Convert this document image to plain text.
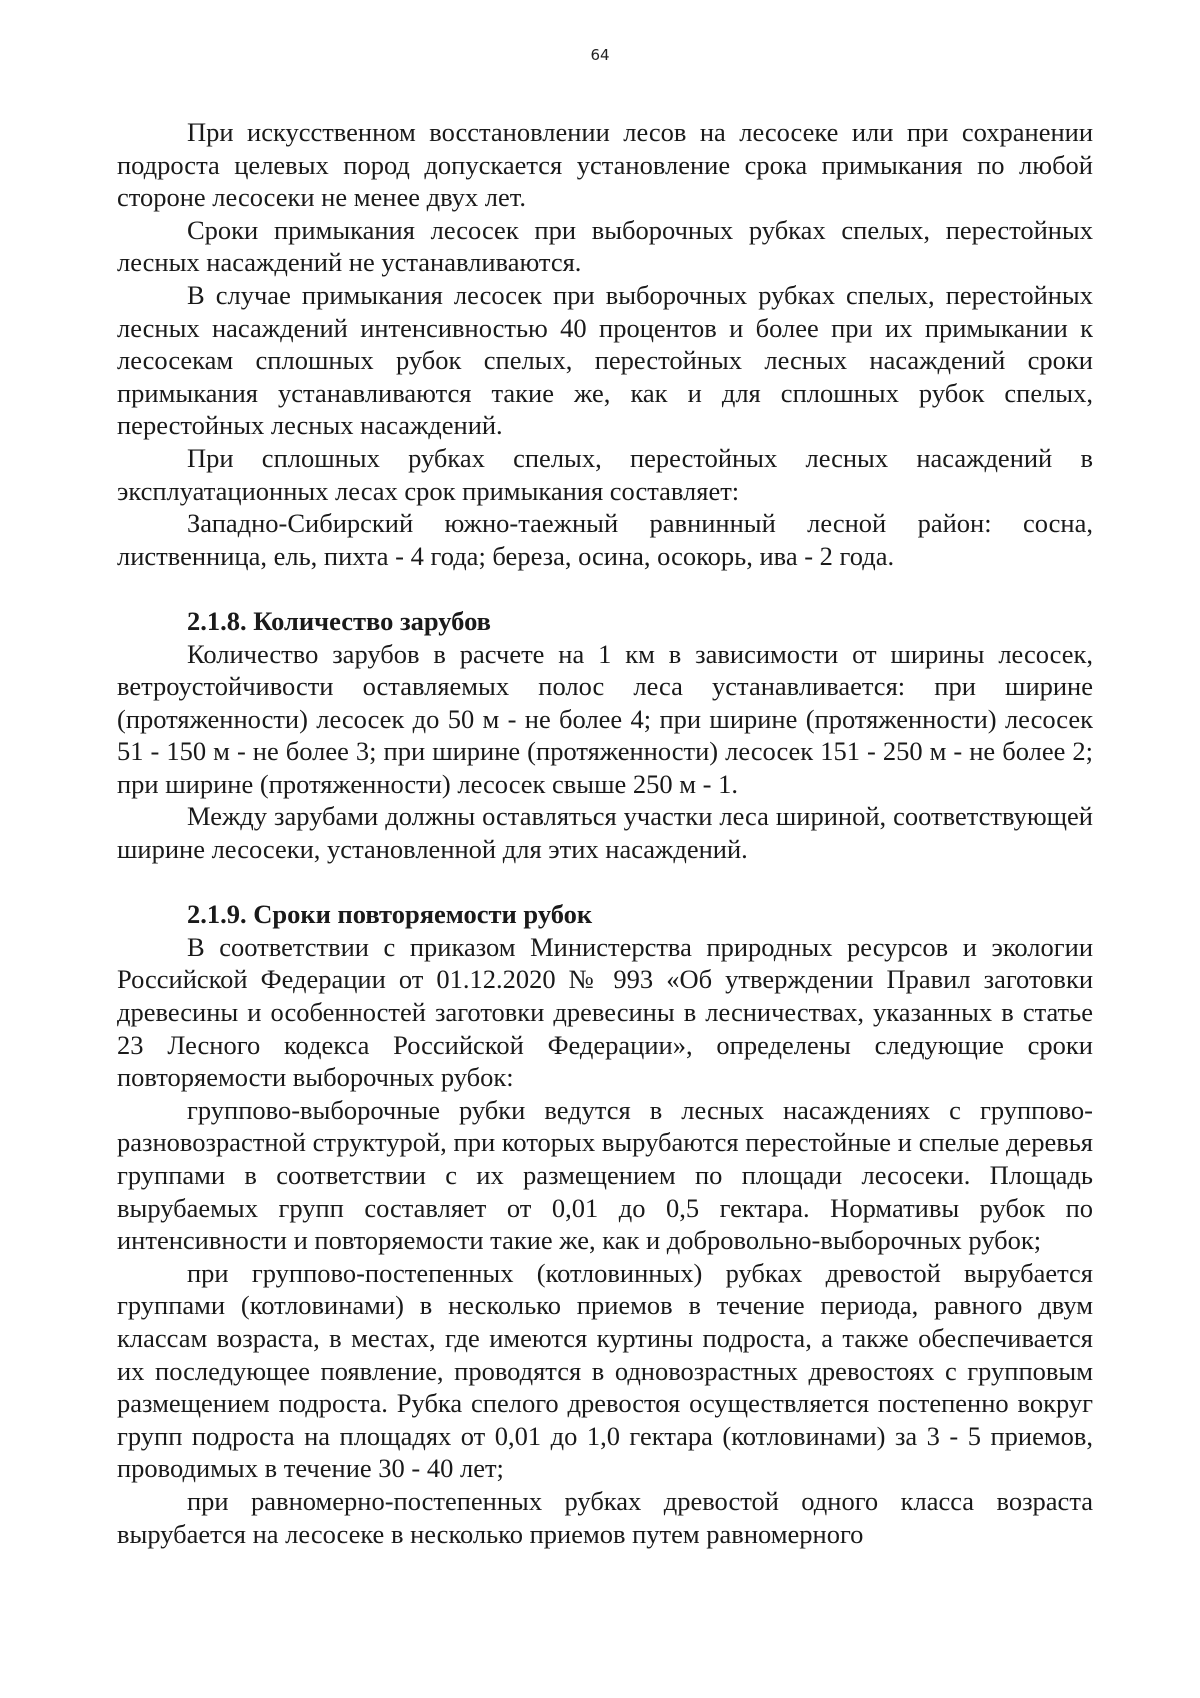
64

При искусственном восстановлении лесов на лесосеке или при сохранении подроста целевых пород допускается установление срока примыкания по любой стороне лесосеки не менее двух лет.

Сроки примыкания лесосек при выборочных рубках спелых, перестойных лесных насаждений не устанавливаются.

В случае примыкания лесосек при выборочных рубках спелых, перестойных лесных насаждений интенсивностью 40 процентов и более при их примыкании к лесосекам сплошных рубок спелых, перестойных лесных насаждений сроки примыкания устанавливаются такие же, как и для сплошных рубок спелых, перестойных лесных насаждений.

При сплошных рубках спелых, перестойных лесных насаждений в эксплуатационных лесах срок примыкания составляет:

Западно-Сибирский южно-таежный равнинный лесной район: сосна, лиственница, ель, пихта - 4 года; береза, осина, осокорь, ива - 2 года.

2.1.8. Количество зарубов

Количество зарубов в расчете на 1 км в зависимости от ширины лесосек, ветроустойчивости оставляемых полос леса устанавливается: при ширине (протяженности) лесосек до 50 м - не более 4; при ширине (протяженности) лесосек 51 - 150 м - не более 3; при ширине (протяженности) лесосек 151 - 250 м - не более 2; при ширине (протяженности) лесосек свыше 250 м - 1.

Между зарубами должны оставляться участки леса шириной, соответствующей ширине лесосеки, установленной для этих насаждений.

2.1.9. Сроки повторяемости рубок

В соответствии с приказом Министерства природных ресурсов и экологии Российской Федерации от 01.12.2020 № 993 «Об утверждении Правил заготовки древесины и особенностей заготовки древесины в лесничествах, указанных в статье 23 Лесного кодекса Российской Федерации», определены следующие сроки повторяемости выборочных рубок:

группово-выборочные рубки ведутся в лесных насаждениях с группово-разновозрастной структурой, при которых вырубаются перестойные и спелые деревья группами в соответствии с их размещением по площади лесосеки. Площадь вырубаемых групп составляет от 0,01 до 0,5 гектара. Нормативы рубок по интенсивности и повторяемости такие же, как и добровольно-выборочных рубок;

при группово-постепенных (котловинных) рубках древостой вырубается группами (котловинами) в несколько приемов в течение периода, равного двум классам возраста, в местах, где имеются куртины подроста, а также обеспечивается их последующее появление, проводятся в одновозрастных древостоях с групповым размещением подроста. Рубка спелого древостоя осуществляется постепенно вокруг групп подроста на площадях от 0,01 до 1,0 гектара (котловинами) за 3 - 5 приемов, проводимых в течение 30 - 40 лет;

при равномерно-постепенных рубках древостой одного класса возраста вырубается на лесосеке в несколько приемов путем равномерного
